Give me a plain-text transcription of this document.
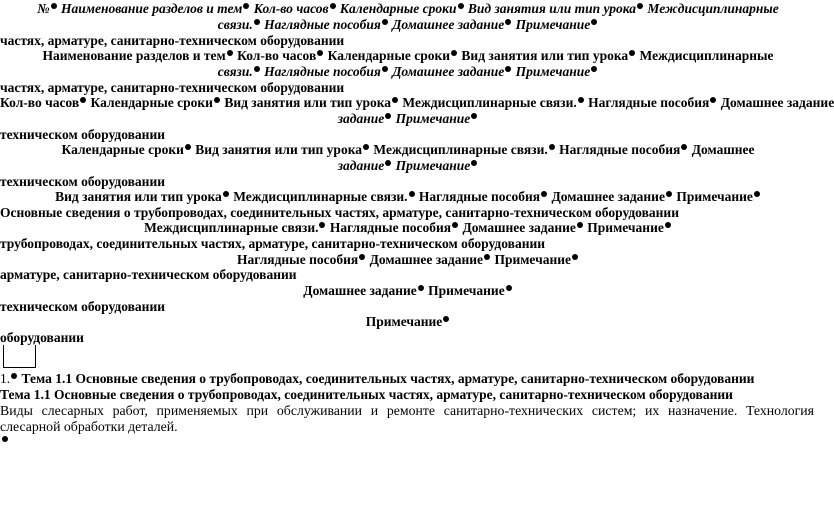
№ Наименование разделов и тем Кол-во часов Календарные сроки Вид занятия или тип урока Междисциплинарные
связи. Наглядные пособия Домашнее задание Примечание
частях, арматуре, санитарно-техническом оборудовании
Наименование разделов и тем Кол-во часов Календарные сроки Вид занятия или тип урока Междисциплинарные
связи. Наглядные пособия Домашнее задание Примечание
частях, арматуре, санитарно-техническом оборудовании
Кол-во часов Календарные сроки Вид занятия или тип урока Междисциплинарные связи. Наглядные пособия Домашнее задание
задание Примечание
техническом оборудовании
Календарные сроки Вид занятия или тип урока Междисциплинарные связи. Наглядные пособия Домашнее
задание Примечание
техническом оборудовании
Вид занятия или тип урока Междисциплинарные связи. Наглядные пособия Домашнее задание Примечание
Основные сведения о трубопроводах, соединительных частях, арматуре, санитарно-техническом оборудовании
Междисциплинарные связи. Наглядные пособия Домашнее задание Примечание
трубопроводах, соединительных частях, арматуре, санитарно-техническом оборудовании
Наглядные пособия Домашнее задание Примечание
арматуре, санитарно-техническом оборудовании
Домашнее задание Примечание
техническом оборудовании
Примечание
оборудовании
1. Тема 1.1 Основные сведения о трубопроводах, соединительных частях, арматуре, санитарно-техническом оборудовании
Тема 1.1 Основные сведения о трубопроводах, соединительных частях, арматуре, санитарно-техническом оборудовании
Виды слесарных работ, применяемых при обслуживании и ремонте санитарно-технических систем; их назначение. Технология слесарной обработки деталей.
